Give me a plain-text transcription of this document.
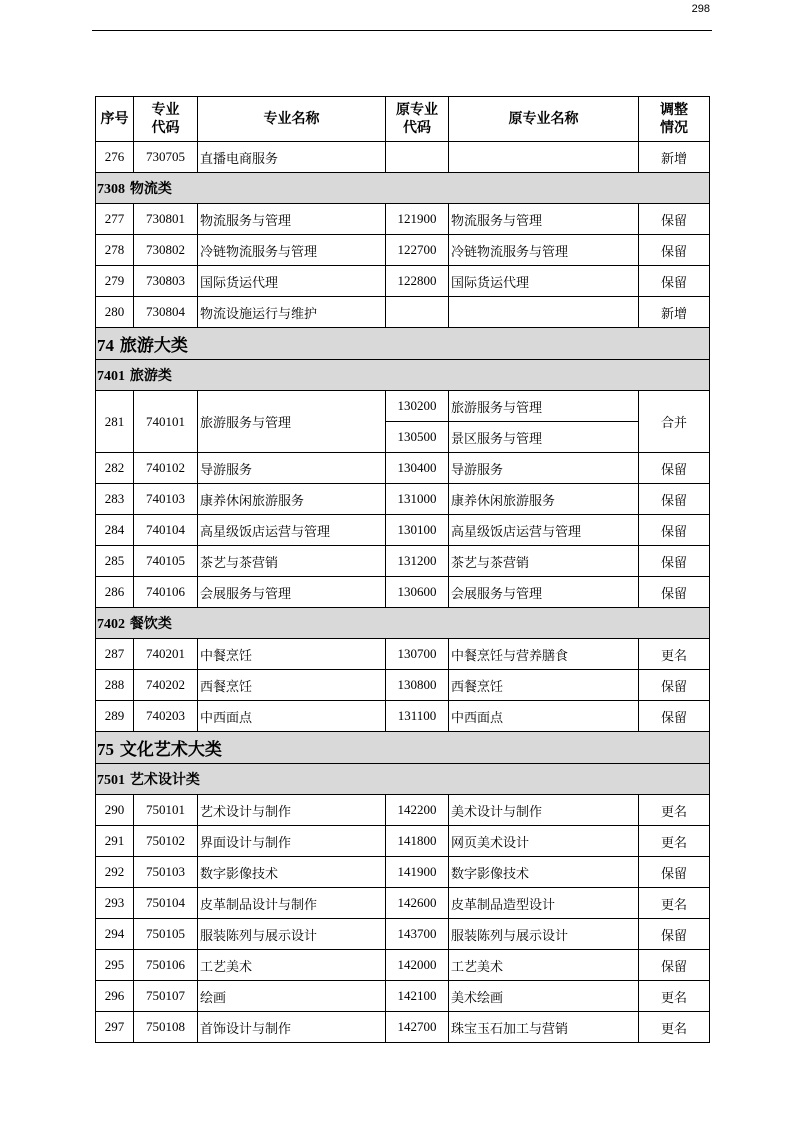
298
序号	专业代码	专业名称	原专业代码	原专业名称	调整情况
276	730705	直播电商服务			新增
7308 物流类					
277	730801	物流服务与管理	121900	物流服务与管理	保留
278	730802	冷链物流服务与管理	122700	冷链物流服务与管理	保留
279	730803	国际货运代理	122800	国际货运代理	保留
280	730804	物流设施运行与维护			新增
74 旅游大类					
7401 旅游类					
281	740101	旅游服务与管理	130200	旅游服务与管理	合并
			130500	景区服务与管理	
282	740102	导游服务	130400	导游服务	保留
283	740103	康养休闲旅游服务	131000	康养休闲旅游服务	保留
284	740104	高星级饭店运营与管理	130100	高星级饭店运营与管理	保留
285	740105	茶艺与茶营销	131200	茶艺与茶营销	保留
286	740106	会展服务与管理	130600	会展服务与管理	保留
7402 餐饮类					
287	740201	中餐烹饪	130700	中餐烹饪与营养膳食	更名
288	740202	西餐烹饪	130800	西餐烹饪	保留
289	740203	中西面点	131100	中西面点	保留
75 文化艺术大类					
7501 艺术设计类					
290	750101	艺术设计与制作	142200	美术设计与制作	更名
291	750102	界面设计与制作	141800	网页美术设计	更名
292	750103	数字影像技术	141900	数字影像技术	保留
293	750104	皮革制品设计与制作	142600	皮革制品造型设计	更名
294	750105	服装陈列与展示设计	143700	服装陈列与展示设计	保留
295	750106	工艺美术	142000	工艺美术	保留
296	750107	绘画	142100	美术绘画	更名
297	750108	首饰设计与制作	142700	珠宝玉石加工与营销	更名
